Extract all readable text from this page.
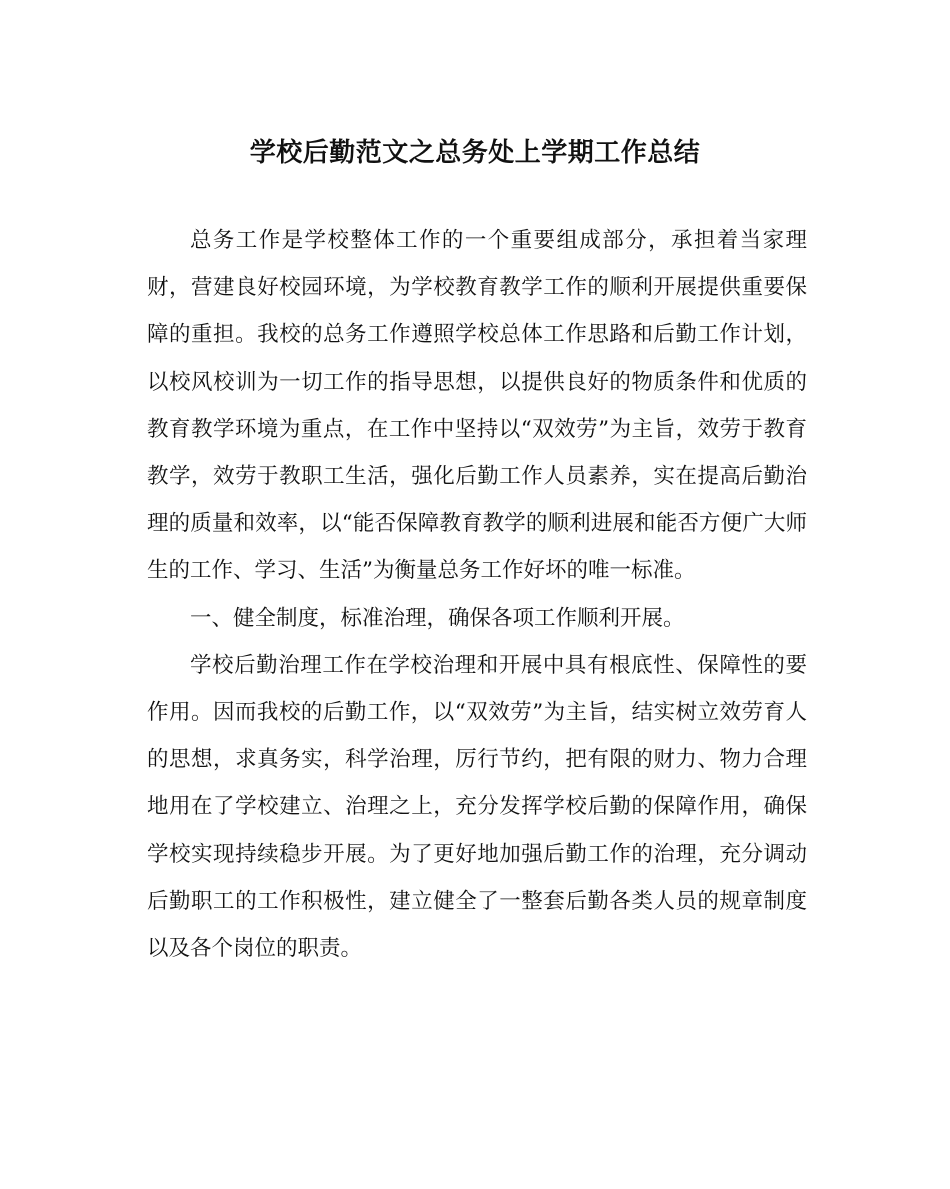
学校后勤范文之总务处上学期工作总结

总务工作是学校整体工作的一个重要组成部分，承担着当家理财，营建良好校园环境，为学校教育教学工作的顺利开展提供重要保障的重担。我校的总务工作遵照学校总体工作思路和后勤工作计划，以校风校训为一切工作的指导思想，以提供良好的物质条件和优质的教育教学环境为重点，在工作中坚持以“双效劳”为主旨，效劳于教育教学，效劳于教职工生活，强化后勤工作人员素养，实在提高后勤治理的质量和效率，以“能否保障教育教学的顺利进展和能否方便广大师生的工作、学习、生活”为衡量总务工作好坏的唯一标准。

一、健全制度，标准治理，确保各项工作顺利开展。

学校后勤治理工作在学校治理和开展中具有根底性、保障性的要作用。因而我校的后勤工作，以“双效劳”为主旨，结实树立效劳育人的思想，求真务实，科学治理，厉行节约，把有限的财力、物力合理地用在了学校建立、治理之上，充分发挥学校后勤的保障作用，确保学校实现持续稳步开展。为了更好地加强后勤工作的治理，充分调动后勤职工的工作积极性，建立健全了一整套后勤各类人员的规章制度以及各个岗位的职责。
